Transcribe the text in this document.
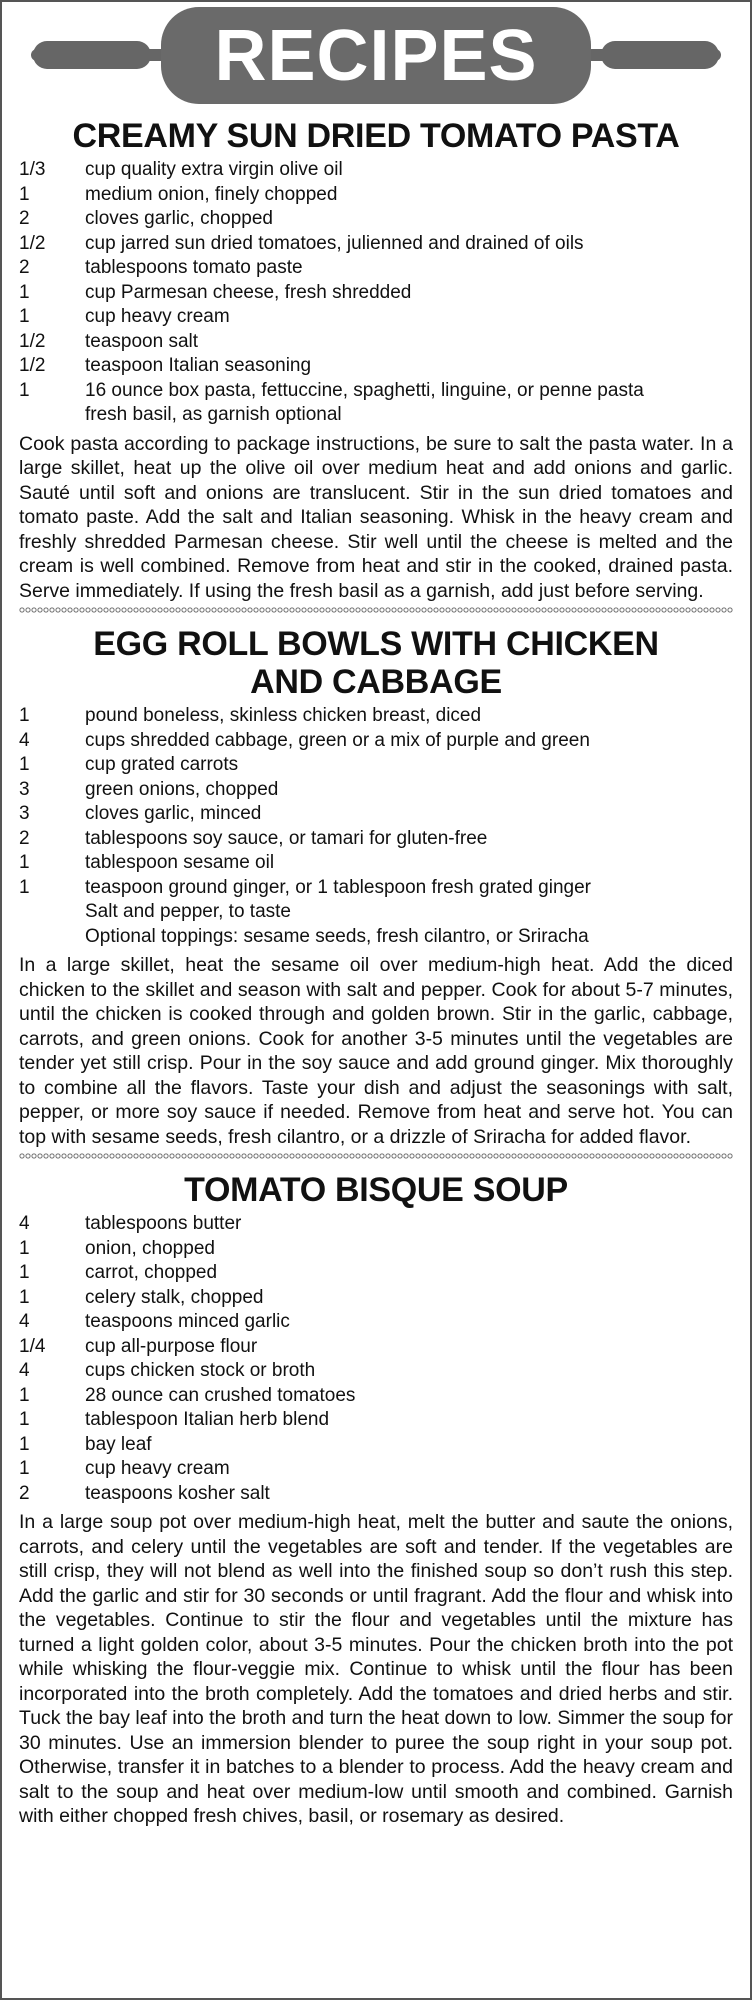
RECIPES
CREAMY SUN DRIED TOMATO PASTA
1/3	cup quality extra virgin olive oil
1	medium onion, finely chopped
2	cloves garlic, chopped
1/2	cup jarred sun dried tomatoes, julienned and drained of oils
2	tablespoons tomato paste
1	cup Parmesan cheese, fresh shredded
1	cup heavy cream
1/2	teaspoon salt
1/2	teaspoon Italian seasoning
1	16 ounce box pasta, fettuccine, spaghetti, linguine, or penne pasta
fresh basil, as garnish optional

Cook pasta according to package instructions, be sure to salt the pasta water. In a large skillet, heat up the olive oil over medium heat and add onions and garlic. Sauté until soft and onions are translucent. Stir in the sun dried tomatoes and tomato paste. Add the salt and Italian seasoning. Whisk in the heavy cream and freshly shredded Parmesan cheese. Stir well until the cheese is melted and the cream is well combined. Remove from heat and stir in the cooked, drained pasta. Serve immediately. If using the fresh basil as a garnish, add just before serving.

EGG ROLL BOWLS WITH CHICKEN AND CABBAGE
1	pound boneless, skinless chicken breast, diced
4	cups shredded cabbage, green or a mix of purple and green
1	cup grated carrots
3	green onions, chopped
3	cloves garlic, minced
2	tablespoons soy sauce, or tamari for gluten-free
1	tablespoon sesame oil
1	teaspoon ground ginger, or 1 tablespoon fresh grated ginger
Salt and pepper, to taste
Optional toppings: sesame seeds, fresh cilantro, or Sriracha

In a large skillet, heat the sesame oil over medium-high heat. Add the diced chicken to the skillet and season with salt and pepper. Cook for about 5-7 minutes, until the chicken is cooked through and golden brown. Stir in the garlic, cabbage, carrots, and green onions. Cook for another 3-5 minutes until the vegetables are tender yet still crisp. Pour in the soy sauce and add ground ginger. Mix thoroughly to combine all the flavors. Taste your dish and adjust the seasonings with salt, pepper, or more soy sauce if needed. Remove from heat and serve hot. You can top with sesame seeds, fresh cilantro, or a drizzle of Sriracha for added flavor.

TOMATO BISQUE SOUP
4	tablespoons butter
1	onion, chopped
1	carrot, chopped
1	celery stalk, chopped
4	teaspoons minced garlic
1/4	cup all-purpose flour
4	cups chicken stock or broth
1	28 ounce can crushed tomatoes
1	tablespoon Italian herb blend
1	bay leaf
1	cup heavy cream
2	teaspoons kosher salt

In a large soup pot over medium-high heat, melt the butter and saute the onions, carrots, and celery until the vegetables are soft and tender. If the vegetables are still crisp, they will not blend as well into the finished soup so don’t rush this step. Add the garlic and stir for 30 seconds or until fragrant. Add the flour and whisk into the vegetables. Continue to stir the flour and vegetables until the mixture has turned a light golden color, about 3-5 minutes. Pour the chicken broth into the pot while whisking the flour-veggie mix. Continue to whisk until the flour has been incorporated into the broth completely. Add the tomatoes and dried herbs and stir. Tuck the bay leaf into the broth and turn the heat down to low. Simmer the soup for 30 minutes. Use an immersion blender to puree the soup right in your soup pot. Otherwise, transfer it in batches to a blender to process. Add the heavy cream and salt to the soup and heat over medium-low until smooth and combined. Garnish with either chopped fresh chives, basil, or rosemary as desired.
